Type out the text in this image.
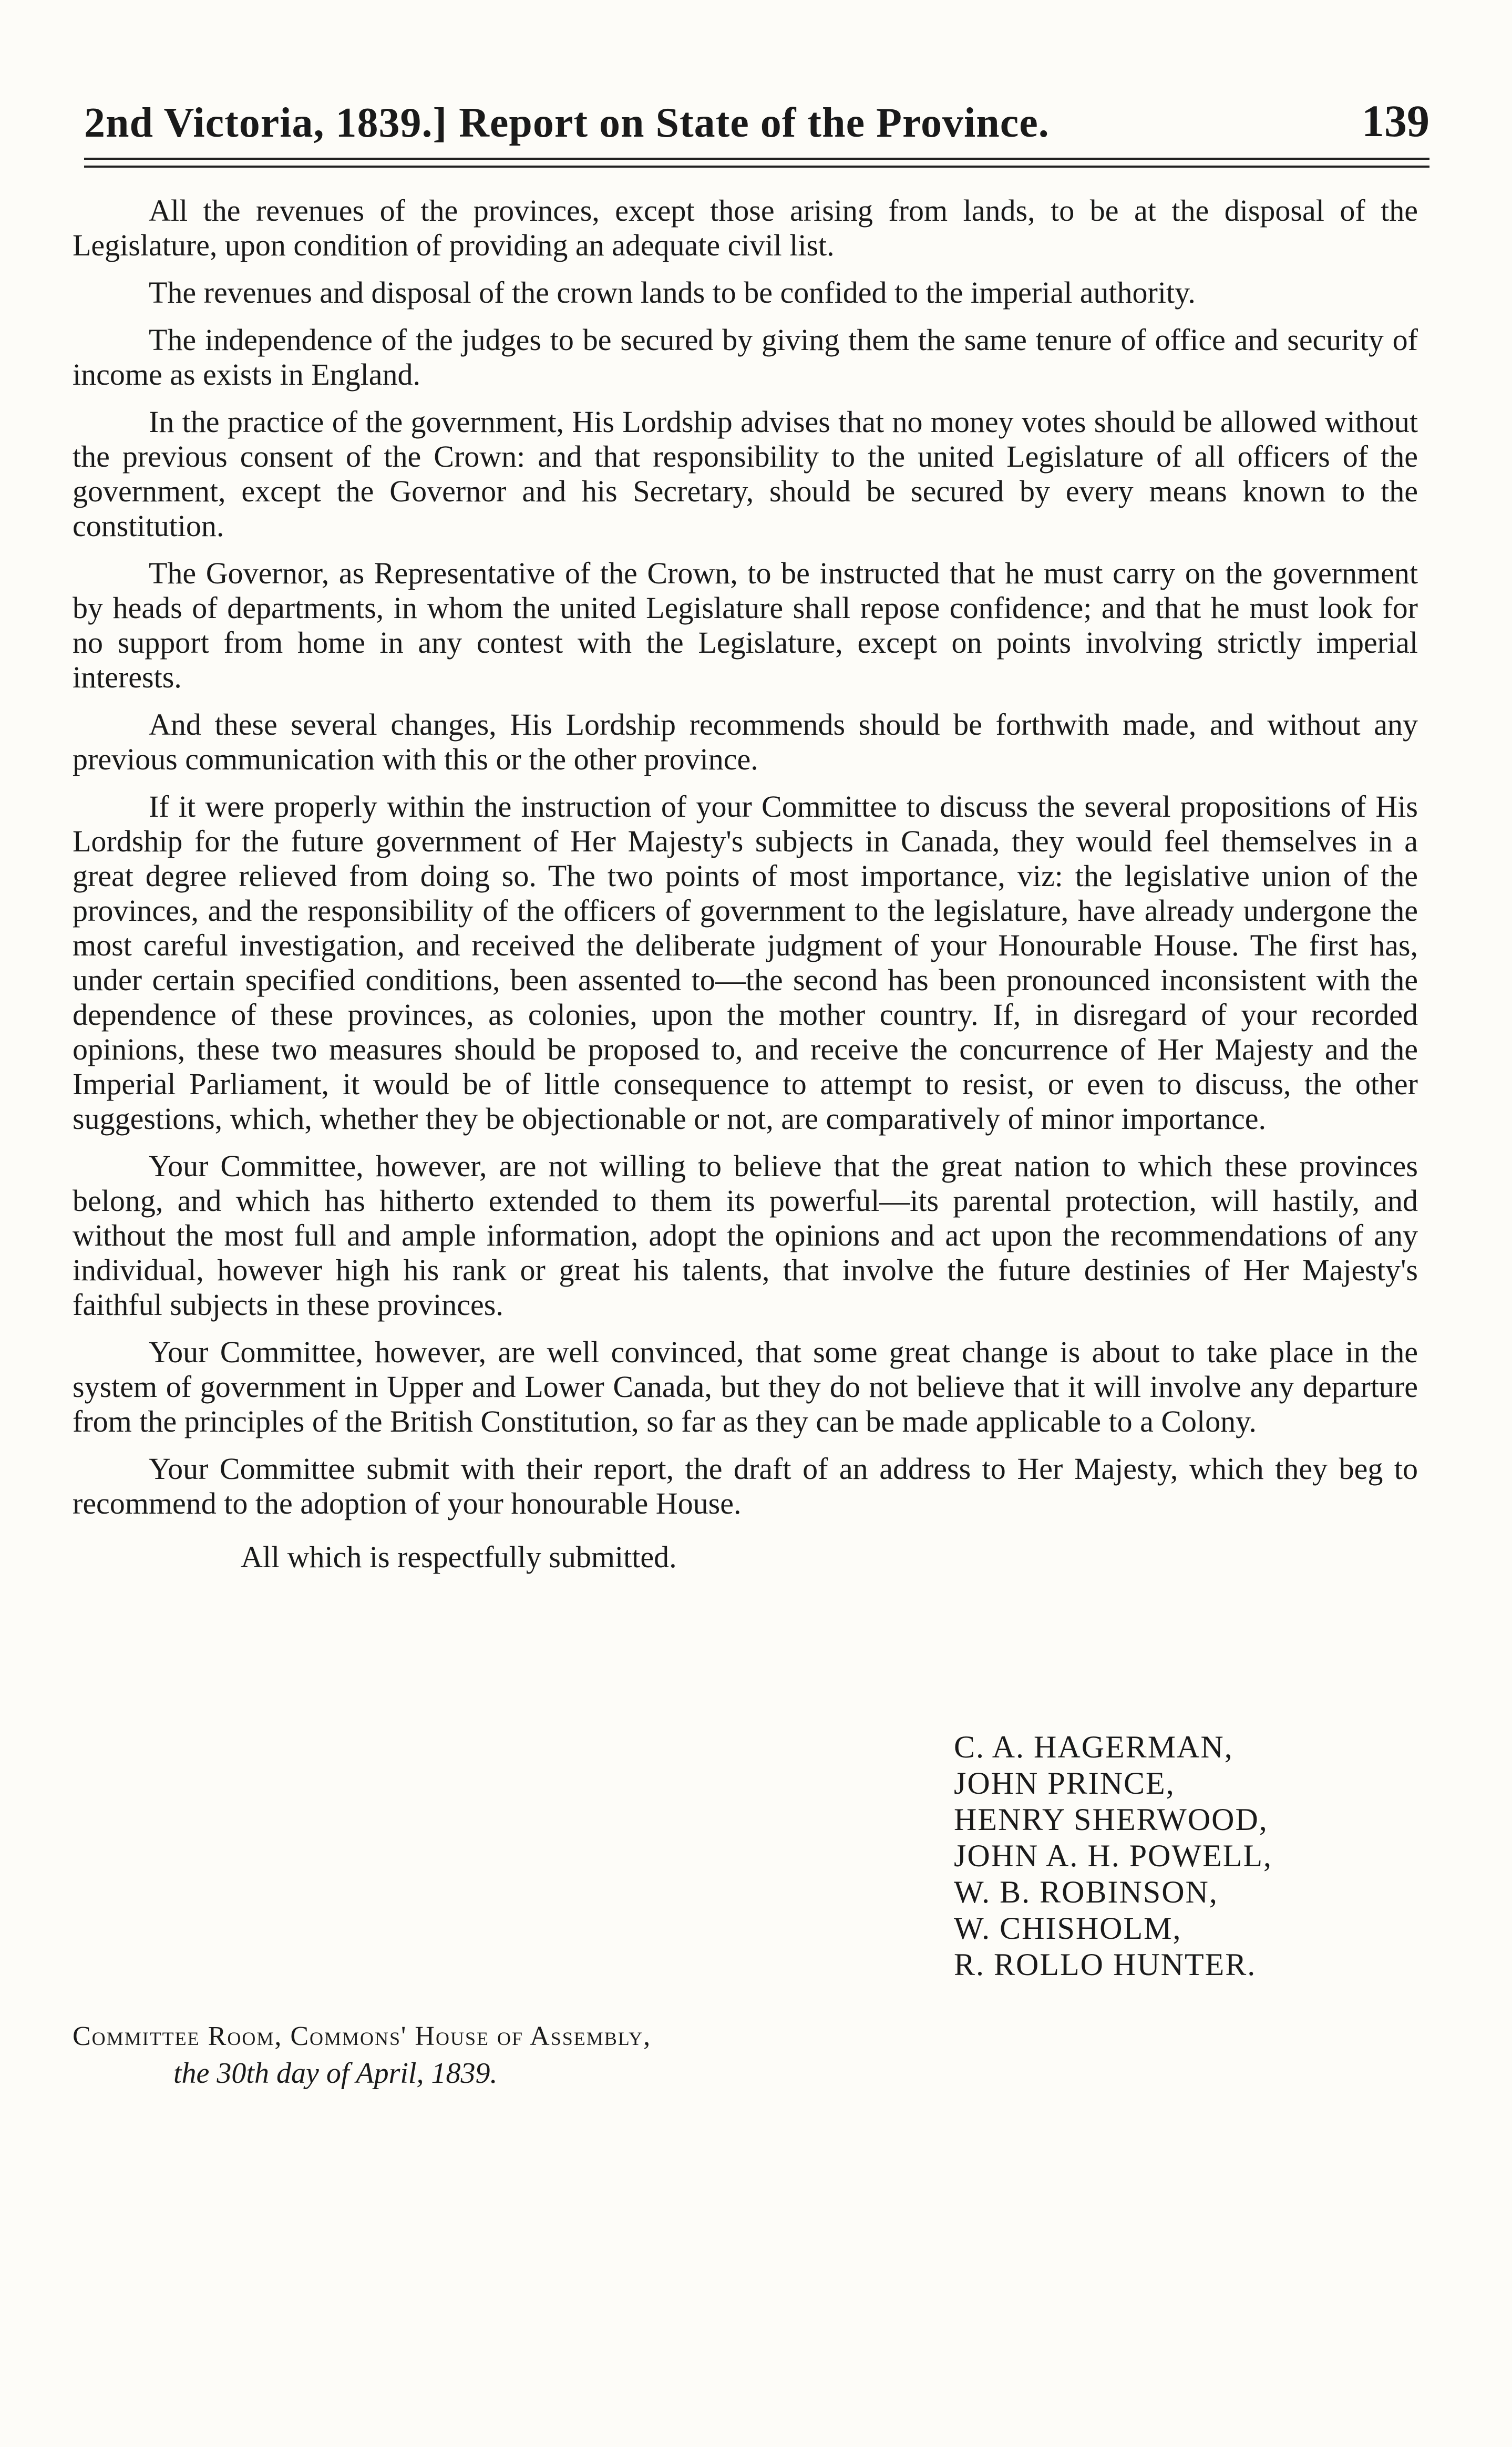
2nd Victoria, 1839.] Report on State of the Province.	139

All the revenues of the provinces, except those arising from lands, to be at the disposal of the Legislature, upon condition of providing an adequate civil list.

The revenues and disposal of the crown lands to be confided to the imperial authority.

The independence of the judges to be secured by giving them the same tenure of office and security of income as exists in England.

In the practice of the government, His Lordship advises that no money votes should be allowed without the previous consent of the Crown: and that responsibility to the united Legislature of all officers of the government, except the Governor and his Secretary, should be secured by every means known to the constitution.

The Governor, as Representative of the Crown, to be instructed that he must carry on the government by heads of departments, in whom the united Legislature shall repose confidence; and that he must look for no support from home in any contest with the Legislature, except on points involving strictly imperial interests.

And these several changes, His Lordship recommends should be forthwith made, and without any previous communication with this or the other province.

If it were properly within the instruction of your Committee to discuss the several propositions of His Lordship for the future government of Her Majesty's subjects in Canada, they would feel themselves in a great degree relieved from doing so. The two points of most importance, viz: the legislative union of the provinces, and the responsibility of the officers of government to the legislature, have already undergone the most careful investigation, and received the deliberate judgment of your Honourable House. The first has, under certain specified conditions, been assented to—the second has been pronounced inconsistent with the dependence of these provinces, as colonies, upon the mother country. If, in disregard of your recorded opinions, these two measures should be proposed to, and receive the concurrence of Her Majesty and the Imperial Parliament, it would be of little consequence to attempt to resist, or even to discuss, the other suggestions, which, whether they be objectionable or not, are comparatively of minor importance.

Your Committee, however, are not willing to believe that the great nation to which these provinces belong, and which has hitherto extended to them its powerful—its parental protection, will hastily, and without the most full and ample information, adopt the opinions and act upon the recommendations of any individual, however high his rank or great his talents, that involve the future destinies of Her Majesty's faithful subjects in these provinces.

Your Committee, however, are well convinced, that some great change is about to take place in the system of government in Upper and Lower Canada, but they do not believe that it will involve any departure from the principles of the British Constitution, so far as they can be made applicable to a Colony.

Your Committee submit with their report, the draft of an address to Her Majesty, which they beg to recommend to the adoption of your honourable House.

All which is respectfully submitted.

C. A. HAGERMAN,
JOHN PRINCE,
HENRY SHERWOOD,
JOHN A. H. POWELL,
W. B. ROBINSON,
W. CHISHOLM,
R. ROLLO HUNTER.
Committee Room, Commons' House of Assembly,
the 30th day of April, 1839.
